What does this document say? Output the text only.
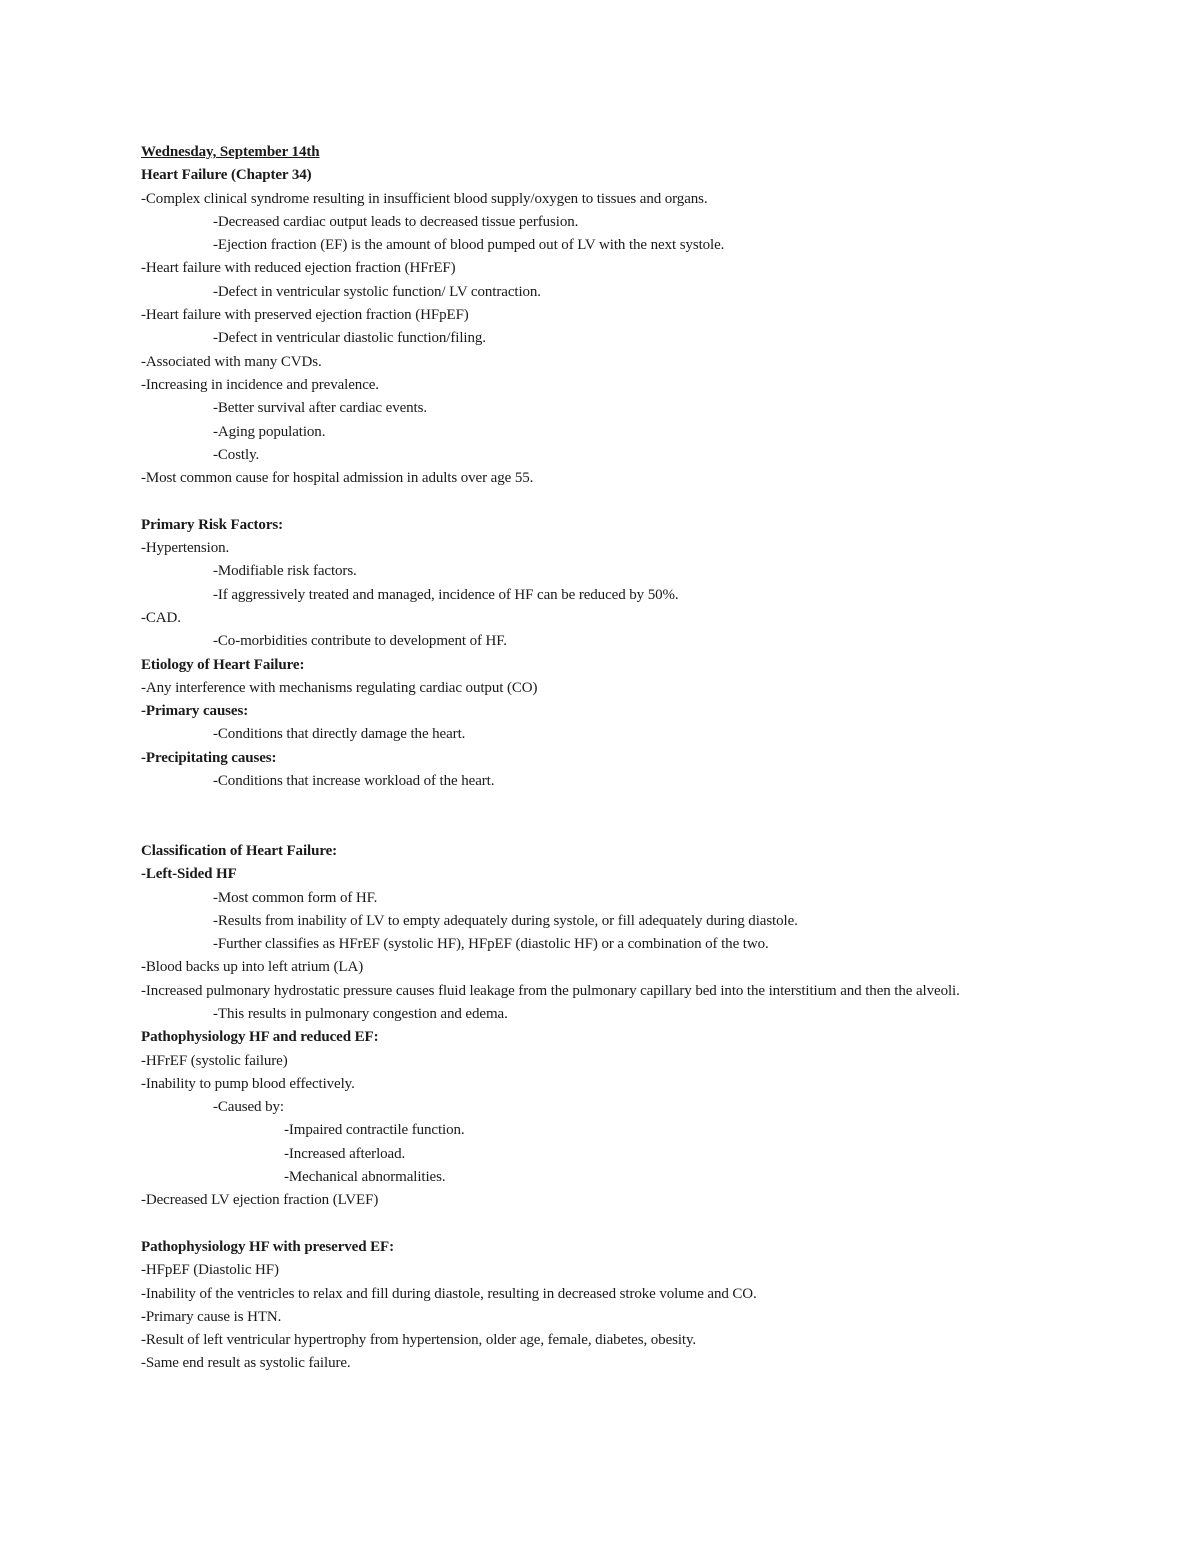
Wednesday, September 14th
Heart Failure (Chapter 34)
-Complex clinical syndrome resulting in insufficient blood supply/oxygen to tissues and organs.
-Decreased cardiac output leads to decreased tissue perfusion.
-Ejection fraction (EF) is the amount of blood pumped out of LV with the next systole.
-Heart failure with reduced ejection fraction (HFrEF)
-Defect in ventricular systolic function/ LV contraction.
-Heart failure with preserved ejection fraction (HFpEF)
-Defect in ventricular diastolic function/filing.
-Associated with many CVDs.
-Increasing in incidence and prevalence.
-Better survival after cardiac events.
-Aging population.
-Costly.
-Most common cause for hospital admission in adults over age 55.
Primary Risk Factors:
-Hypertension.
-Modifiable risk factors.
-If aggressively treated and managed, incidence of HF can be reduced by 50%.
-CAD.
-Co-morbidities contribute to development of HF.
Etiology of Heart Failure:
-Any interference with mechanisms regulating cardiac output (CO)
-Primary causes:
-Conditions that directly damage the heart.
-Precipitating causes:
-Conditions that increase workload of the heart.
Classification of Heart Failure:
-Left-Sided HF
-Most common form of HF.
-Results from inability of LV to empty adequately during systole, or fill adequately during diastole.
-Further classifies as HFrEF (systolic HF), HFpEF (diastolic HF) or a combination of the two.
-Blood backs up into left atrium (LA)
-Increased pulmonary hydrostatic pressure causes fluid leakage from the pulmonary capillary bed into the interstitium and then the alveoli.
-This results in pulmonary congestion and edema.
Pathophysiology HF and reduced EF:
-HFrEF (systolic failure)
-Inability to pump blood effectively.
-Caused by:
-Impaired contractile function.
-Increased afterload.
-Mechanical abnormalities.
-Decreased LV ejection fraction (LVEF)
Pathophysiology HF with preserved EF:
-HFpEF (Diastolic HF)
-Inability of the ventricles to relax and fill during diastole, resulting in decreased stroke volume and CO.
-Primary cause is HTN.
-Result of left ventricular hypertrophy from hypertension, older age, female, diabetes, obesity.
-Same end result as systolic failure.
